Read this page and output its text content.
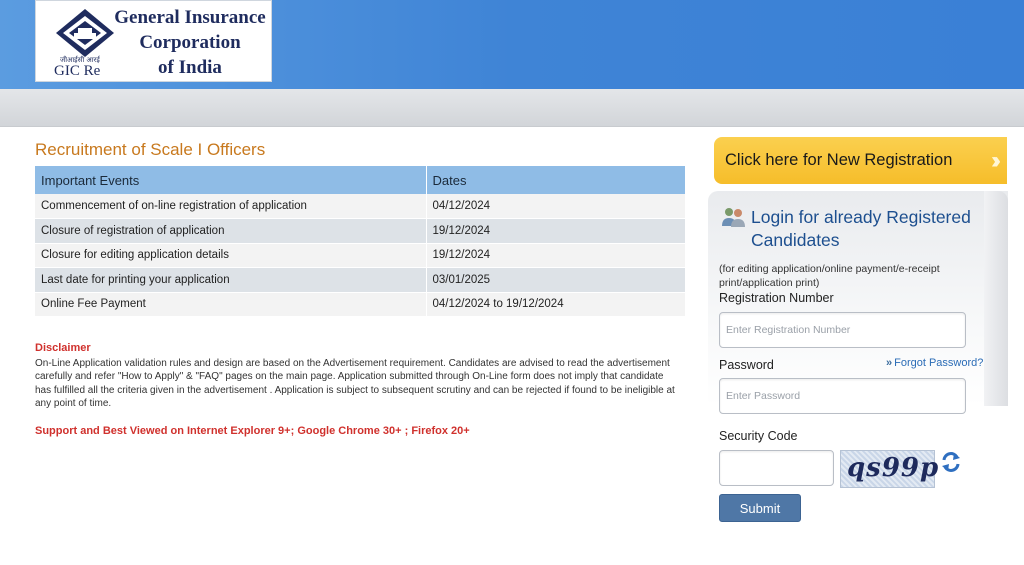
जीआईसी आरई
GIC Re
General Insurance
Corporation
of India
Recruitment of Scale I Officers
Important Events	Dates
Commencement of on-line registration of application	04/12/2024
Closure of registration of application	19/12/2024
Closure for editing application details	19/12/2024
Last date for printing your application	03/01/2025
Online Fee Payment	04/12/2024 to 19/12/2024
Disclaimer
On-Line Application validation rules and design are based on the Advertisement requirement. Candidates are advised to read the advertisement carefully and refer "How to Apply" & "FAQ" pages on the main page. Application submitted through On-Line form does not imply that candidate has fulfilled all the criteria given in the advertisement . Application is subject to subsequent scrutiny and can be rejected if found to be ineligible at any point of time.
Support and Best Viewed on Internet Explorer 9+; Google Chrome 30+ ; Firefox 20+
Click here for New Registration ››
Login for already Registered Candidates
(for editing application/online payment/e-receipt print/application print)
Registration Number
Enter Registration Number
Password	» Forgot Password?
Security Code
qs99p
Submit
